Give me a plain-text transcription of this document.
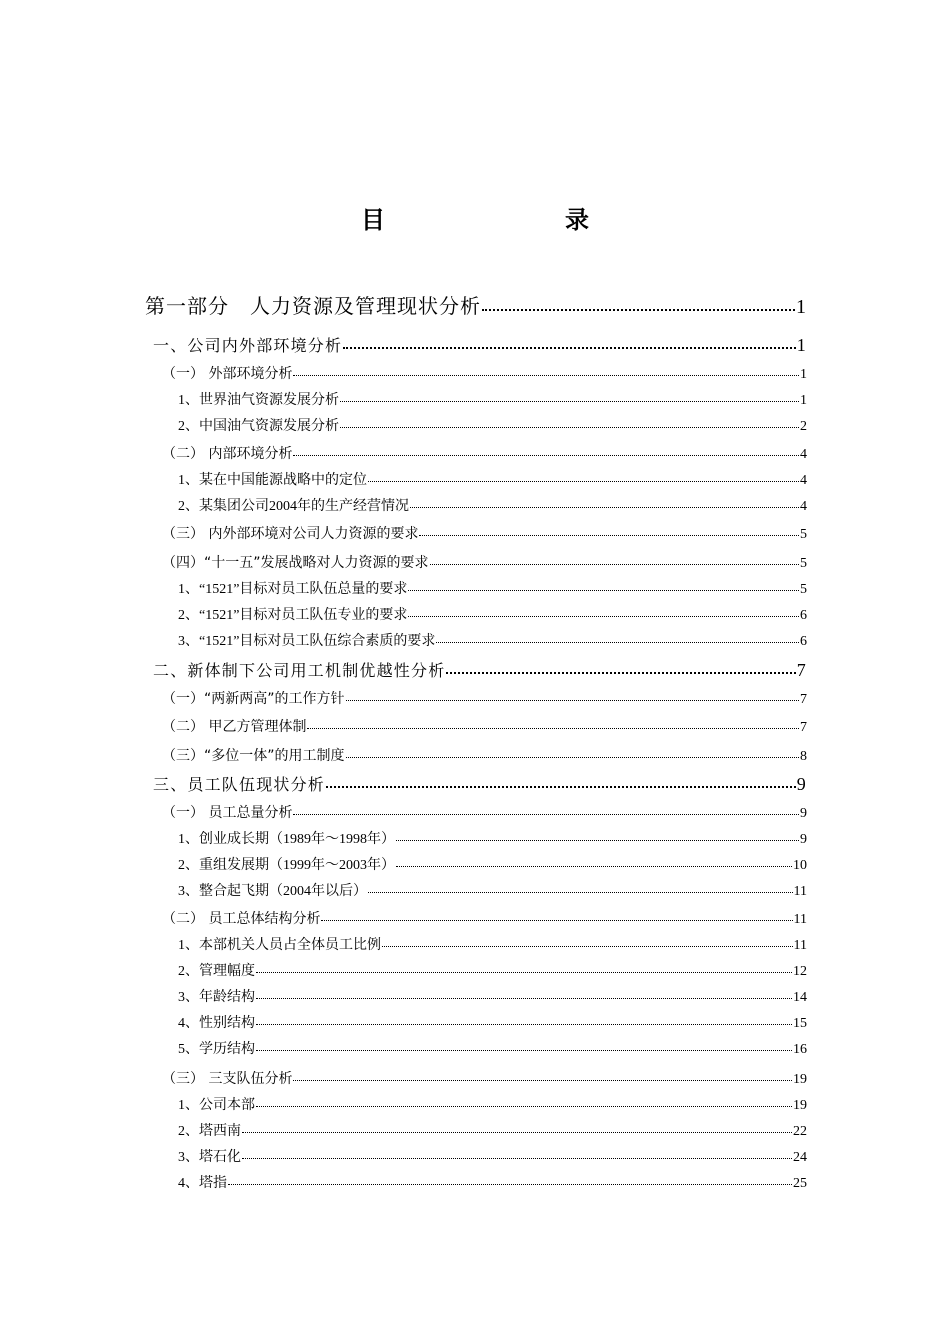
目　　录
第一部分　人力资源及管理现状分析	1
一、公司内外部环境分析	1
（一） 外部环境分析	1
1、世界油气资源发展分析	1
2、中国油气资源发展分析	2
（二） 内部环境分析	4
1、某在中国能源战略中的定位	4
2、某集团公司2004年的生产经营情况	4
（三） 内外部环境对公司人力资源的要求	5
（四）“十一五”发展战略对人力资源的要求	5
1、“1521”目标对员工队伍总量的要求	5
2、“1521”目标对员工队伍专业的要求	6
3、“1521”目标对员工队伍综合素质的要求	6
二、新体制下公司用工机制优越性分析	7
（一）“两新两高”的工作方针	7
（二） 甲乙方管理体制	7
（三）“多位一体”的用工制度	8
三、员工队伍现状分析	9
（一） 员工总量分析	9
1、创业成长期（1989年～1998年）	9
2、重组发展期（1999年～2003年）	10
3、整合起飞期（2004年以后）	11
（二） 员工总体结构分析	11
1、本部机关人员占全体员工比例	11
2、管理幅度	12
3、年龄结构	14
4、性别结构	15
5、学历结构	16
（三） 三支队伍分析	19
1、公司本部	19
2、塔西南	22
3、塔石化	24
4、塔指	25
